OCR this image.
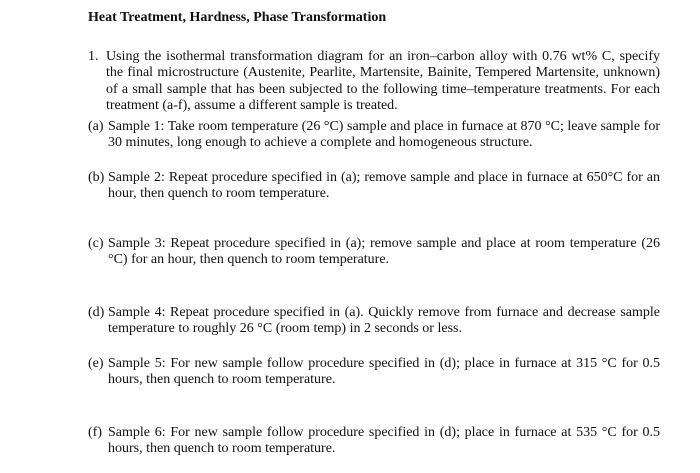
Heat Treatment, Hardness, Phase Transformation
1. Using the isothermal transformation diagram for an iron–carbon alloy with 0.76 wt% C, specify the final microstructure (Austenite, Pearlite, Martensite, Bainite, Tempered Martensite, unknown) of a small sample that has been subjected to the following time–temperature treatments. For each treatment (a-f), assume a different sample is treated.
(a) Sample 1: Take room temperature (26 °C) sample and place in furnace at 870 °C; leave sample for 30 minutes, long enough to achieve a complete and homogeneous structure.
(b) Sample 2: Repeat procedure specified in (a); remove sample and place in furnace at 650°C for an hour, then quench to room temperature.
(c) Sample 3: Repeat procedure specified in (a); remove sample and place at room temperature (26 °C) for an hour, then quench to room temperature.
(d) Sample 4: Repeat procedure specified in (a). Quickly remove from furnace and decrease sample temperature to roughly 26 °C (room temp) in 2 seconds or less.
(e) Sample 5: For new sample follow procedure specified in (d); place in furnace at 315 °C for 0.5 hours, then quench to room temperature.
(f) Sample 6: For new sample follow procedure specified in (d); place in furnace at 535 °C for 0.5 hours, then quench to room temperature.
